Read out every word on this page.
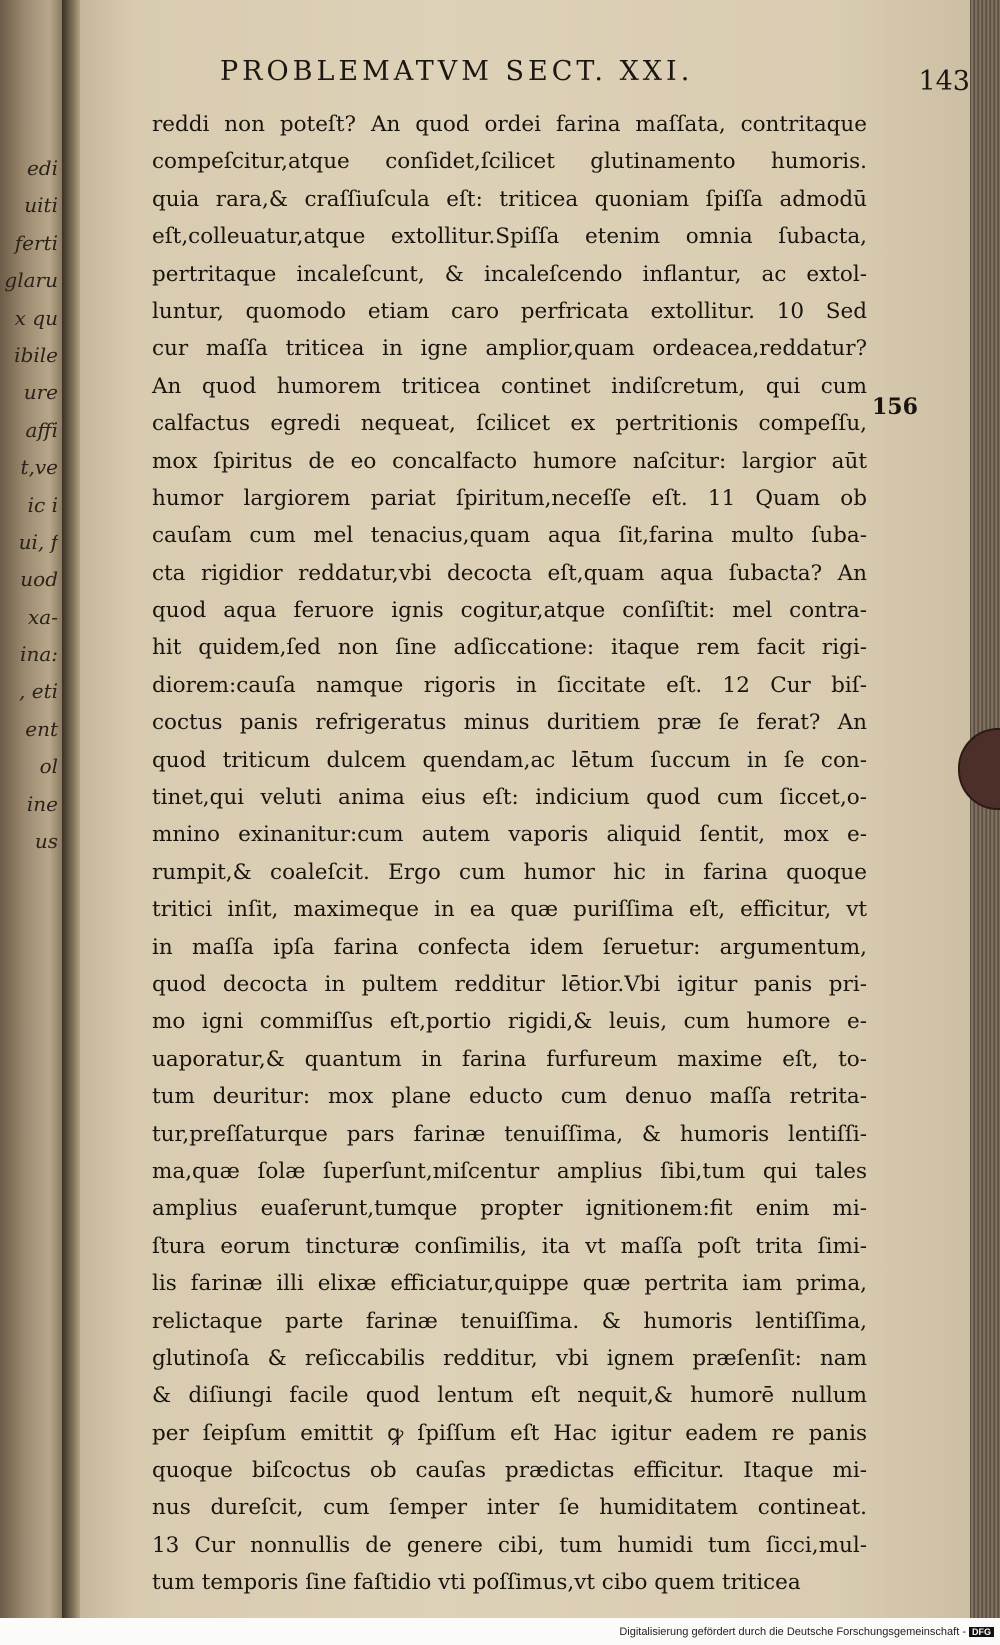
edi
uiti
ferti
glaru
x qu
ibile
ure
affi
t,ve
ic i
ui, f
uod
xa-
ina:
, eti
ent
ol
ine
us
PROBLEMATVM SECT. XXI.	143
reddi non poteſt? An quod ordei farina maſſata, contritaque
compeſcitur,atque conſidet,ſcilicet glutinamento humoris.
quia rara,& craſſiuſcula eſt: triticea quoniam ſpiſſa admodū
eſt,colleuatur,atque extollitur.Spiſſa etenim omnia ſubacta,
pertritaque incaleſcunt, & incaleſcendo inflantur, ac extol-
luntur, quomodo etiam caro perfricata extollitur. 10 Sed
cur maſſa triticea in igne amplior,quam ordeacea,reddatur?
An quod humorem triticea continet indiſcretum, qui cum
calfactus egredi nequeat, ſcilicet ex pertritionis compeſſu,
mox ſpiritus de eo concalfacto humore naſcitur: largior aūt
humor largiorem pariat ſpiritum,neceſſe eſt. 11 Quam ob
cauſam cum mel tenacius,quam aqua ſit,farina multo ſuba-
cta rigidior reddatur,vbi decocta eſt,quam aqua ſubacta? An
quod aqua feruore ignis cogitur,atque conſiſtit: mel contra-
hit quidem,ſed non ſine adſiccatione: itaque rem facit rigi-
diorem:cauſa namque rigoris in ſiccitate eſt. 12 Cur biſ-
coctus panis refrigeratus minus duritiem præ ſe ferat? An
quod triticum dulcem quendam,ac lētum ſuccum in ſe con-
tinet,qui veluti anima eius eſt: indicium quod cum ſiccet,o-
mnino exinanitur:cum autem vaporis aliquid ſentit, mox e-
rumpit,& coaleſcit. Ergo cum humor hic in farina quoque
tritici inſit, maximeque in ea quæ puriſſima eſt, efficitur, vt
in maſſa ipſa farina confecta idem ſeruetur: argumentum,
quod decocta in pultem redditur lētior.Vbi igitur panis pri-
mo igni commiſſus eſt,portio rigidi,& leuis, cum humore e-
uaporatur,& quantum in farina furfureum maxime eſt, to-
tum deuritur: mox plane educto cum denuo maſſa retrita-
tur,preſſaturque pars farinæ tenuiſſima, & humoris lentiſſi-
ma,quæ ſolæ ſuperſunt,miſcentur amplius ſibi,tum qui tales
amplius euaſerunt,tumque propter ignitionem:fit enim mi-
ſtura eorum tincturæ conſimilis, ita vt maſſa poſt trita ſimi-
lis farinæ illi elixæ efficiatur,quippe quæ pertrita iam prima,
relictaque parte farinæ tenuiſſima. & humoris lentiſſima,
glutinoſa & reſiccabilis redditur, vbi ignem præſenſit: nam
& diſiungi facile quod lentum eſt nequit,& humorē nullum
per ſeipſum emittit ꝙ ſpiſſum eſt Hac igitur eadem re panis
quoque biſcoctus ob cauſas prædictas efficitur. Itaque mi-
nus dureſcit, cum ſemper inter ſe humiditatem contineat.
13 Cur nonnullis de genere cibi, tum humidi tum ſicci,mul-
tum temporis ſine faſtidio vti poſſimus,vt cibo quem triticea
156
Digitalisierung gefördert durch die Deutsche Forschungsgemeinschaft - DFG
